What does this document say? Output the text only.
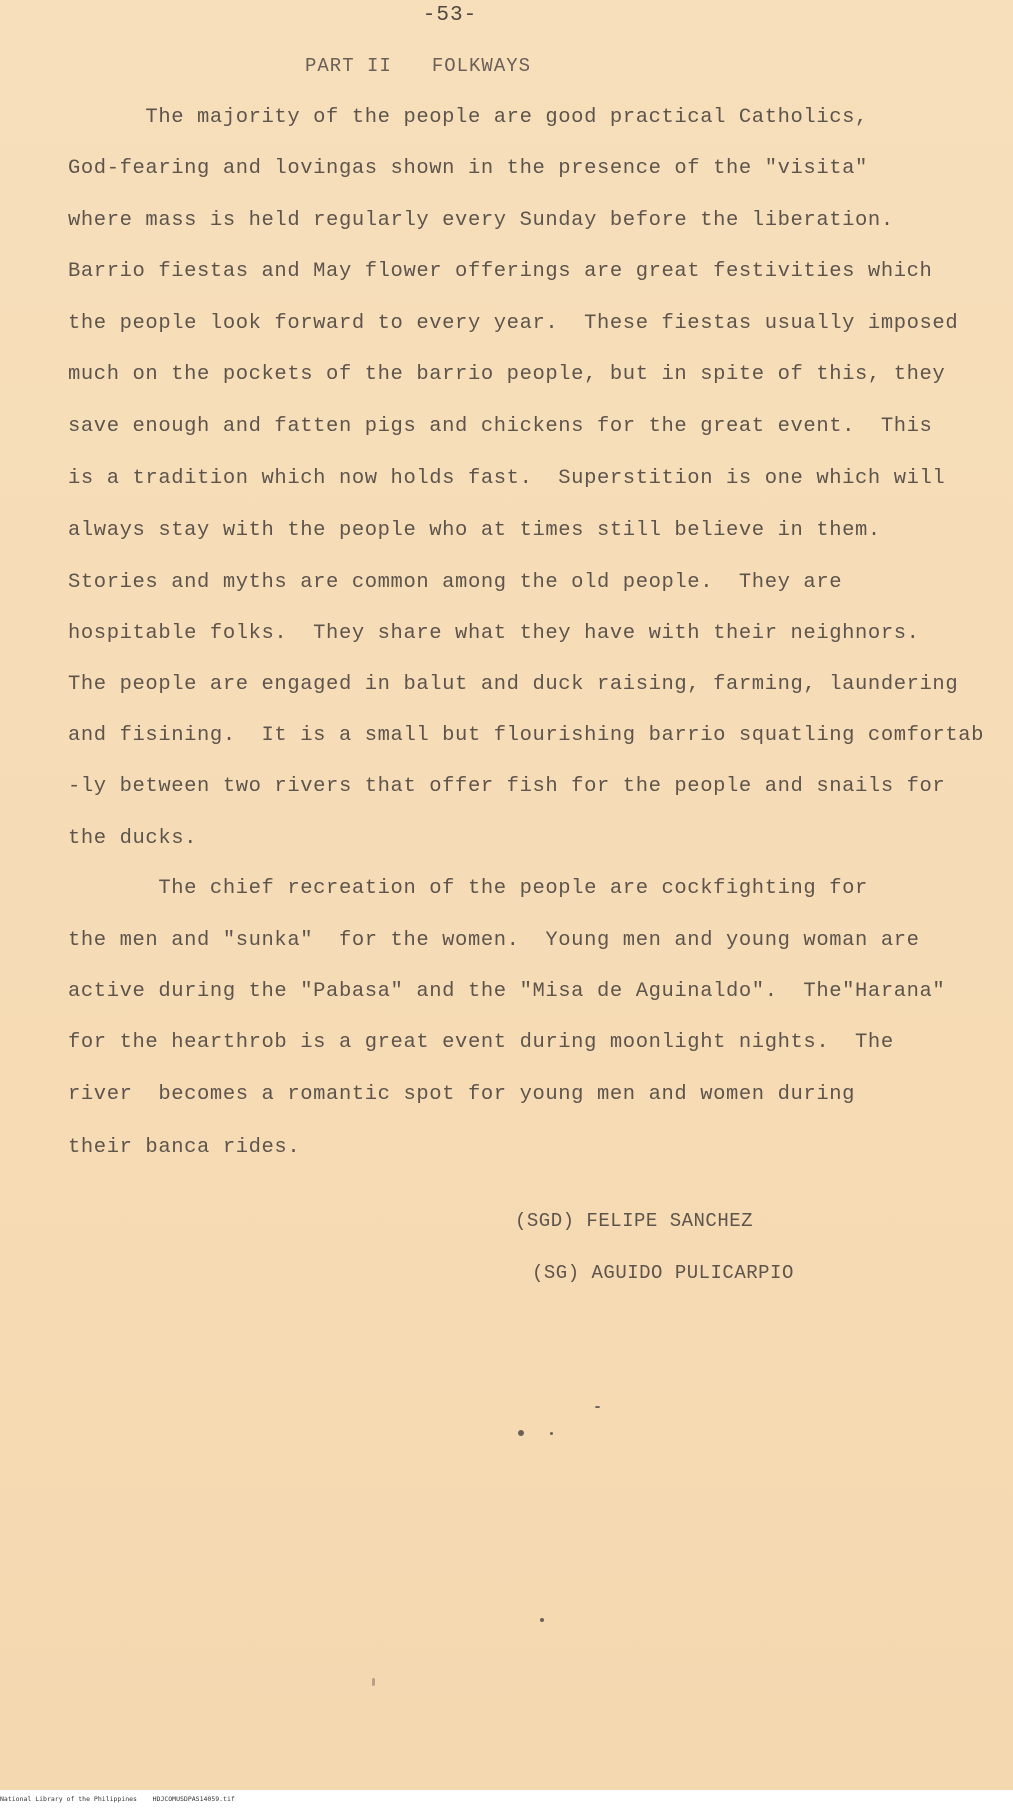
-53-
PART II FOLKWAYS
The majority of the people are good practical Catholics,
God-fearing and lovingas shown in the presence of the "visita"
where mass is held regularly every Sunday before the liberation.
Barrio fiestas and May flower offerings are great festivities which
the people look forward to every year.  These fiestas usually imposed
much on the pockets of the barrio people, but in spite of this, they
save enough and fatten pigs and chickens for the great event.  This
is a tradition which now holds fast.  Superstition is one which will
always stay with the people who at times still believe in them.
Stories and myths are common among the old people.  They are
hospitable folks.  They share what they have with their neighnors.
The people are engaged in balut and duck raising, farming, laundering
and fisining.  It is a small but flourishing barrio squatling comfortab
-ly between two rivers that offer fish for the people and snails for
the ducks.
The chief recreation of the people are cockfighting for
the men and "sunka"  for the women.  Young men and young woman are
active during the "Pabasa" and the "Misa de Aguinaldo".  The"Harana"
for the hearthrob is a great event during moonlight nights.  The
river  becomes a romantic spot for young men and women during
their banca rides.
(SGD) FELIPE SANCHEZ
(SG) AGUIDO PULICARPIO
National Library of the Philippines    HDJCOMUSDPAS14059.tif
